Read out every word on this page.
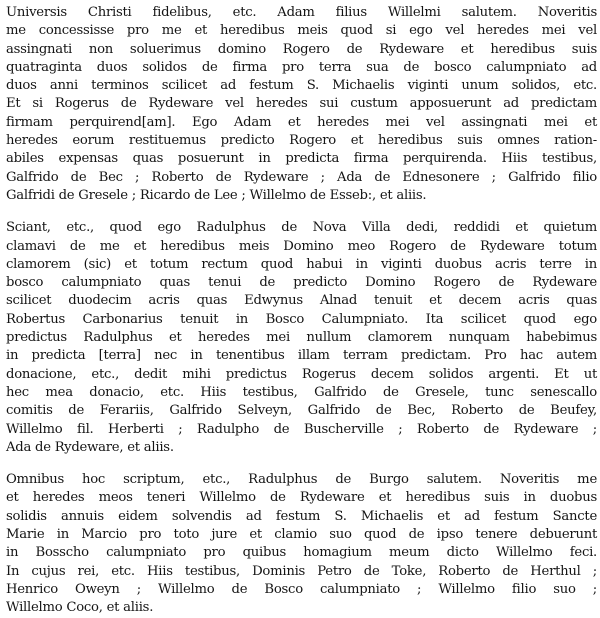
Universis Christi fidelibus, etc. Adam filius Willelmi salutem. Noveritis
me concessisse pro me et heredibus meis quod si ego vel heredes mei vel
assingnati non soluerimus domino Rogero de Rydeware et heredibus suis
quatraginta duos solidos de firma pro terra sua de bosco calumpniato ad
duos anni terminos scilicet ad festum S. Michaelis viginti unum solidos, etc.
Et si Rogerus de Rydeware vel heredes sui custum apposuerunt ad predictam
firmam perquirend[am]. Ego Adam et heredes mei vel assingnati mei et
heredes eorum restituemus predicto Rogero et heredibus suis omnes ration-
abiles expensas quas posuerunt in predicta firma perquirenda. Hiis testibus,
Galfrido de Bec ; Roberto de Rydeware ; Ada de Ednesonere ; Galfrido filio
Galfridi de Gresele ; Ricardo de Lee ; Willelmo de Esseb:, et aliis.
Sciant, etc., quod ego Radulphus de Nova Villa dedi, reddidi et quietum
clamavi de me et heredibus meis Domino meo Rogero de Rydeware totum
clamorem (sic) et totum rectum quod habui in viginti duobus acris terre in
bosco calumpniato quas tenui de predicto Domino Rogero de Rydeware
scilicet duodecim acris quas Edwynus Alnad tenuit et decem acris quas
Robertus Carbonarius tenuit in Bosco Calumpniato. Ita scilicet quod ego
predictus Radulphus et heredes mei nullum clamorem nunquam habebimus
in predicta [terra] nec in tenentibus illam terram predictam. Pro hac autem
donacione, etc., dedit mihi predictus Rogerus decem solidos argenti. Et ut
hec mea donacio, etc. Hiis testibus, Galfrido de Gresele, tunc senescallo
comitis de Ferariis, Galfrido Selveyn, Galfrido de Bec, Roberto de Beufey,
Willelmo fil. Herberti ; Radulpho de Buscherville ; Roberto de Rydeware ;
Ada de Rydeware, et aliis.
Omnibus hoc scriptum, etc., Radulphus de Burgo salutem. Noveritis me
et heredes meos teneri Willelmo de Rydeware et heredibus suis in duobus
solidis annuis eidem solvendis ad festum S. Michaelis et ad festum Sancte
Marie in Marcio pro toto jure et clamio suo quod de ipso tenere debuerunt
in Bosscho calumpniato pro quibus homagium meum dicto Willelmo feci.
In cujus rei, etc. Hiis testibus, Dominis Petro de Toke, Roberto de Herthul ;
Henrico Oweyn ; Willelmo de Bosco calumpniato ; Willelmo filio suo ;
Willelmo Coco, et aliis.
